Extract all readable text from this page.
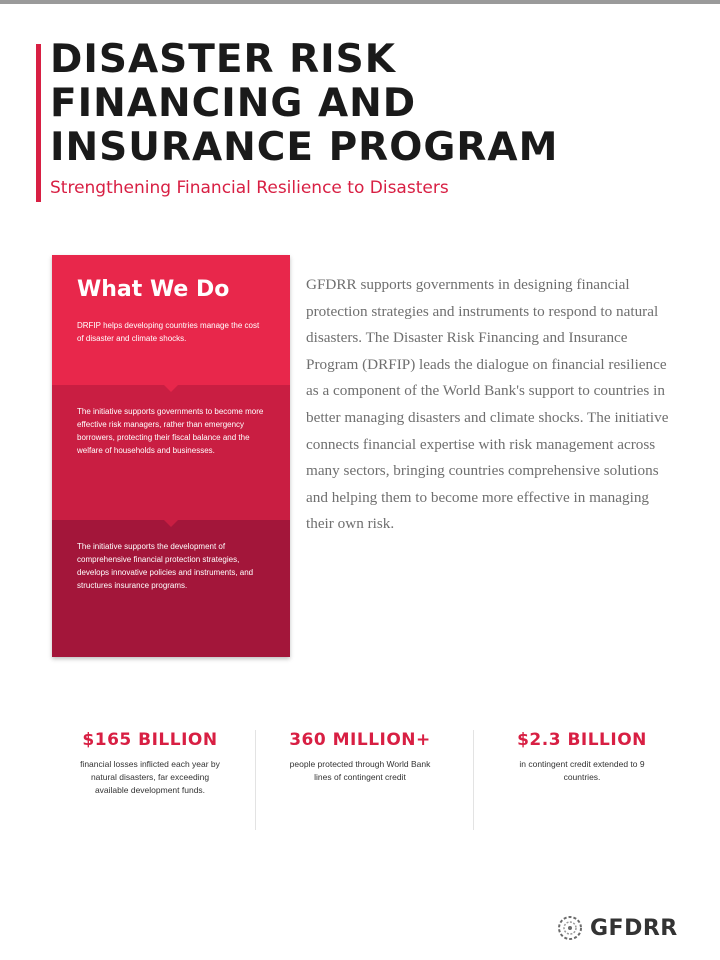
DISASTER RISK
FINANCING AND
INSURANCE PROGRAM

Strengthening Financial Resilience to Disasters

What We Do

DRFIP helps developing countries manage the cost of disaster and climate shocks.

The initiative supports governments to become more effective risk managers, rather than emergency borrowers, protecting their fiscal balance and the welfare of households and businesses.

The initiative supports the development of comprehensive financial protection strategies, develops innovative policies and instruments, and structures insurance programs.

GFDRR supports governments in designing financial protection strategies and instruments to respond to natural disasters. The Disaster Risk Financing and Insurance Program (DRFIP) leads the dialogue on financial resilience as a component of the World Bank's support to countries in better managing disasters and climate shocks. The initiative connects financial expertise with risk management across many sectors, bringing countries comprehensive solutions and helping them to become more effective in managing their own risk.

$165 BILLION

financial losses inflicted each year by natural disasters, far exceeding available development funds.

360 MILLION+

people protected through World Bank lines of contingent credit

$2.3 BILLION

in contingent credit extended to 9 countries.

GFDRR
